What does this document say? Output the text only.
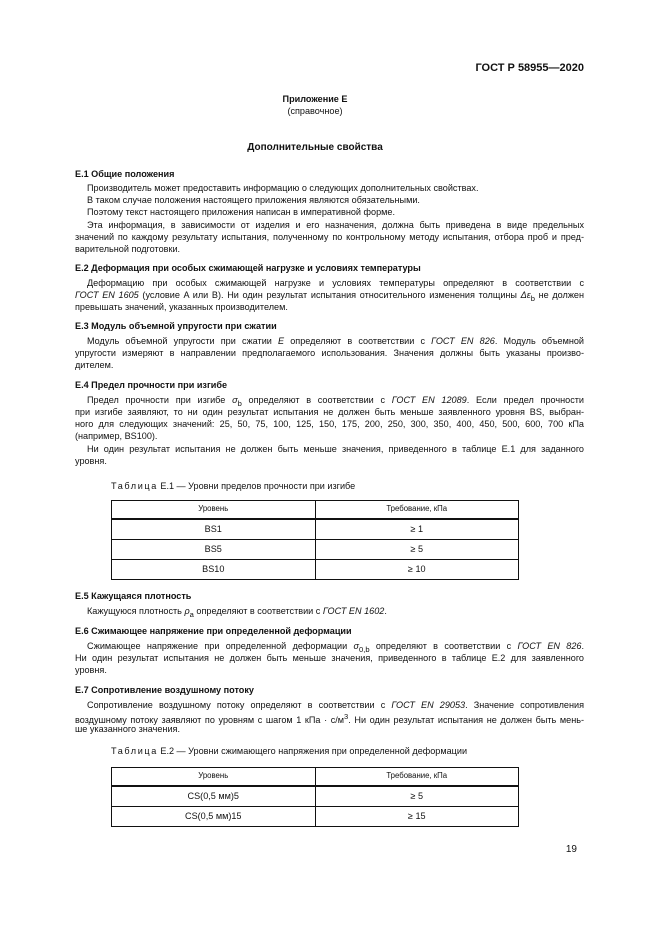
ГОСТ Р 58955—2020
Приложение Е
(справочное)
Дополнительные свойства
Е.1 Общие положения
Производитель может предоставить информацию о следующих дополнительных свойствах.
В таком случае положения настоящего приложения являются обязательными.
Поэтому текст настоящего приложения написан в императивной форме.
Эта информация, в зависимости от изделия и его назначения, должна быть приведена в виде предельных
значений по каждому результату испытания, полученному по контрольному методу испытания, отбора проб и пред-
варительной подготовки.
Е.2 Деформация при особых сжимающей нагрузке и условиях температуры
Деформацию при особых сжимающей нагрузке и условиях температуры определяют в соответствии с
ГОСТ EN 1605 (условие A или B). Ни один результат испытания относительного изменения толщины $\Delta\varepsilon_b$ не должен
превышать значений, указанных производителем.
Е.3 Модуль объемной упругости при сжатии
Модуль объемной упругости при сжатии E определяют в соответствии с ГОСТ EN 826. Модуль объемной
упругости измеряют в направлении предполагаемого использования. Значения должны быть указаны произво-
дителем.
Е.4 Предел прочности при изгибе
Предел прочности при изгибе $\sigma_b$ определяют в соответствии с ГОСТ EN 12089. Если предел прочности
при изгибе заявляют, то ни один результат испытания не должен быть меньше заявленного уровня BS, выбран-
ного для следующих значений: 25, 50, 75, 100, 125, 150, 175, 200, 250, 300, 350, 400, 450, 500, 600, 700 кПа
(например, BS100).
Ни один результат испытания не должен быть меньше значения, приведенного в таблице Е.1 для заданного
уровня.
Таблица Е.1 — Уровни пределов прочности при изгибе
Уровень	Требование, кПа
BS1	≥ 1
BS5	≥ 5
BS10	≥ 10
Е.5 Кажущаяся плотность
Кажущуюся плотность $\rho_a$ определяют в соответствии с ГОСТ EN 1602.
Е.6 Сжимающее напряжение при определенной деформации
Сжимающее напряжение при определенной деформации $\sigma_{0,b}$ определяют в соответствии с ГОСТ EN 826.
Ни один результат испытания не должен быть меньше значения, приведенного в таблице Е.2 для заявленного
уровня.
Е.7 Сопротивление воздушному потоку
Сопротивление воздушному потоку определяют в соответствии с ГОСТ EN 29053. Значение сопротивления
воздушному потоку заявляют по уровням с шагом 1 кПа · $с/м^3$. Ни один результат испытания не должен быть мень-
ше указанного значения.
Таблица Е.2 — Уровни сжимающего напряжения при определенной деформации
Уровень	Требование, кПа
CS(0,5 мм)5	≥ 5
CS(0,5 мм)15	≥ 15
19
